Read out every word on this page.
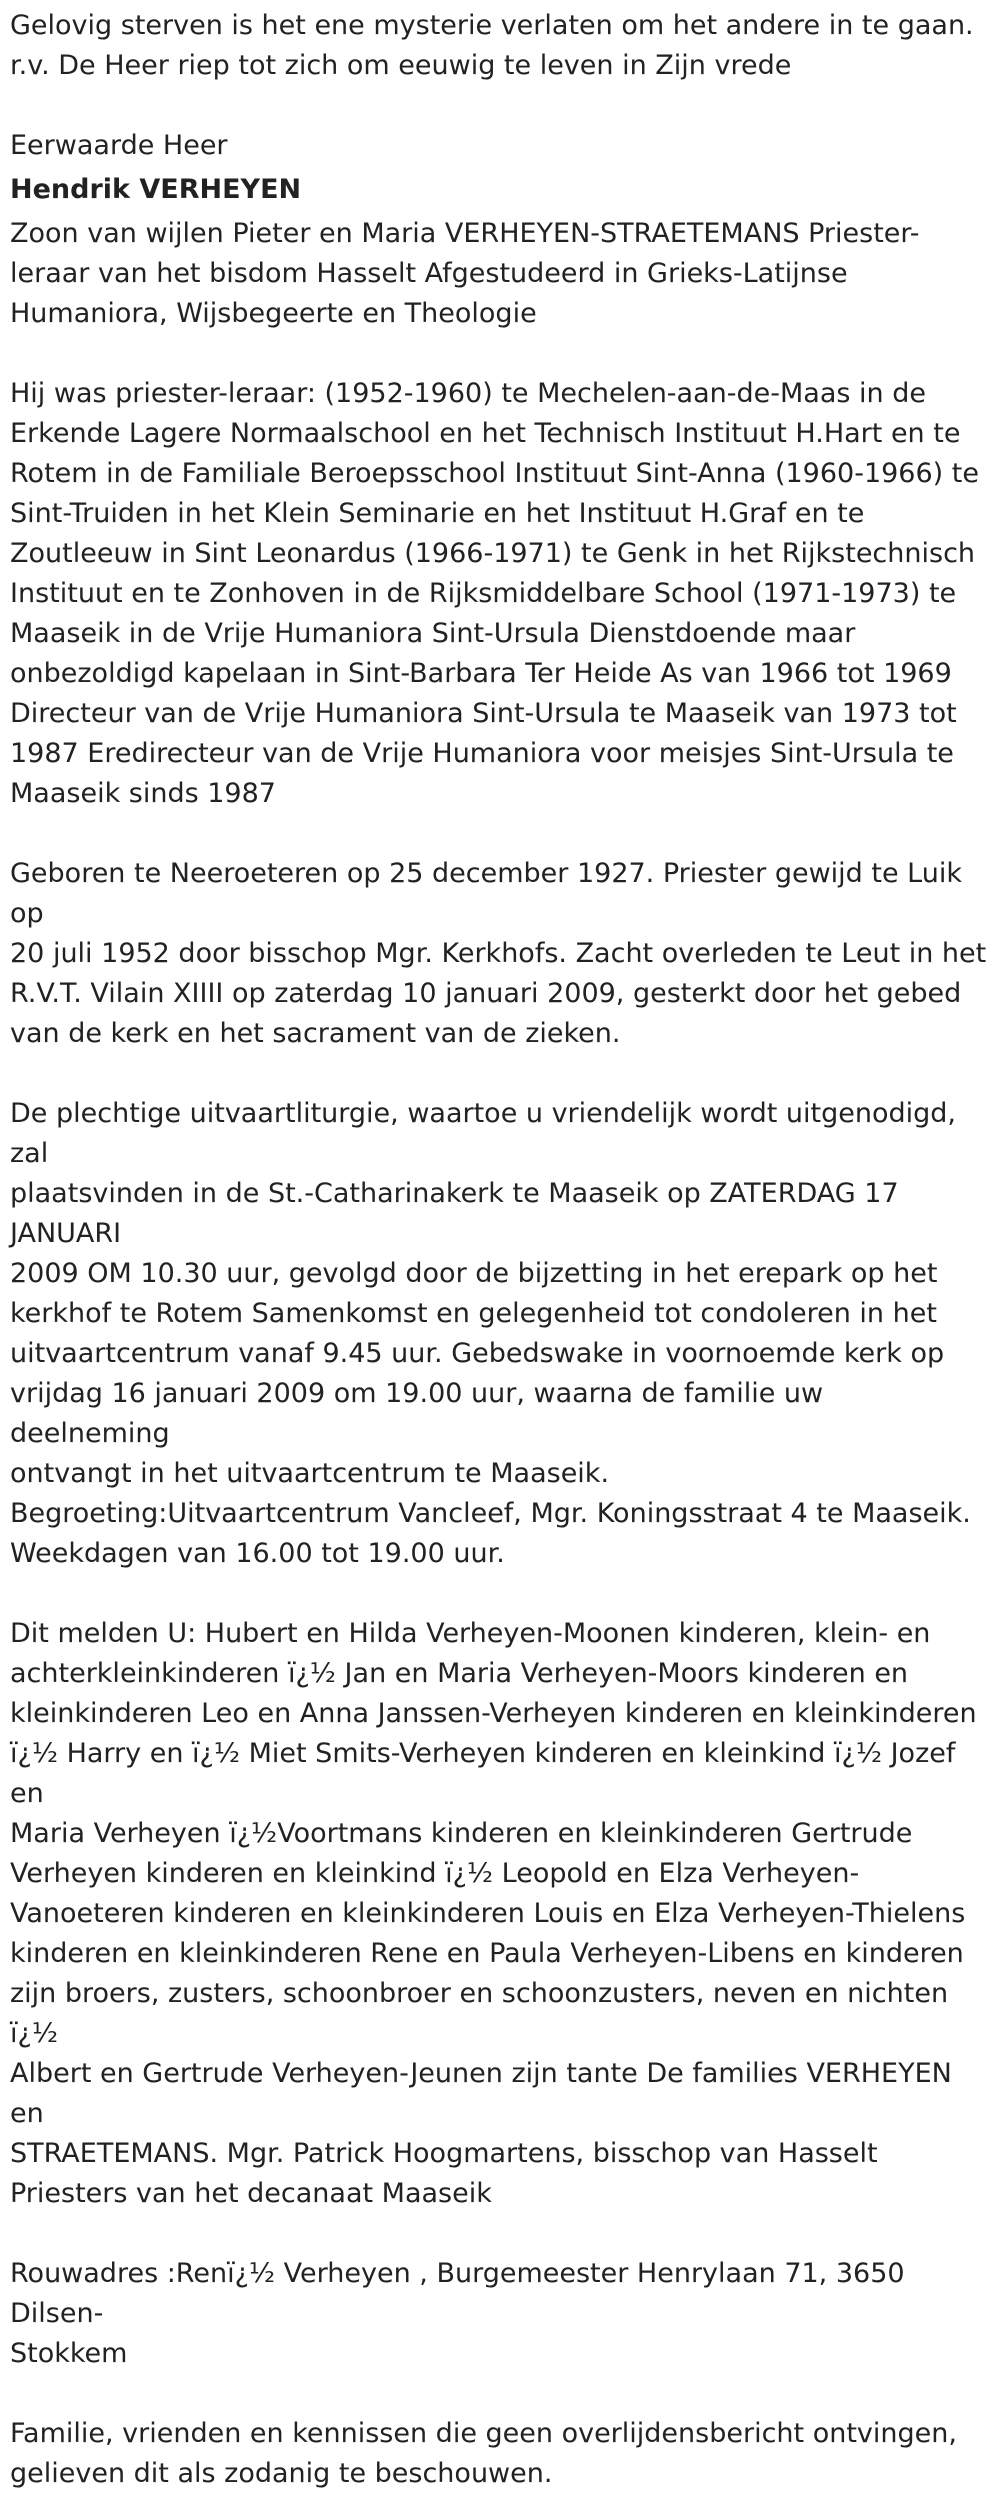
Gelovig sterven is het ene mysterie verlaten om het andere in te gaan.

r.v. De Heer riep tot zich om eeuwig te leven in Zijn vrede

Eerwaarde Heer

Hendrik VERHEYEN

Zoon van wijlen Pieter en Maria VERHEYEN-STRAETEMANS Priester-
leraar van het bisdom Hasselt Afgestudeerd in Grieks-Latijnse
Humaniora, Wijsbegeerte en Theologie

Hij was priester-leraar: (1952-1960) te Mechelen-aan-de-Maas in de
Erkende Lagere Normaalschool en het Technisch Instituut H.Hart en te
Rotem in de Familiale Beroepsschool Instituut Sint-Anna (1960-1966) te
Sint-Truiden in het Klein Seminarie en het Instituut H.Graf en te
Zoutleeuw in Sint Leonardus (1966-1971) te Genk in het Rijkstechnisch
Instituut en te Zonhoven in de Rijksmiddelbare School (1971-1973) te
Maaseik in de Vrije Humaniora Sint-Ursula Dienstdoende maar
onbezoldigd kapelaan in Sint-Barbara Ter Heide As van 1966 tot 1969
Directeur van de Vrije Humaniora Sint-Ursula te Maaseik van 1973 tot
1987 Eredirecteur van de Vrije Humaniora voor meisjes Sint-Ursula te
Maaseik sinds 1987

Geboren te Neeroeteren op 25 december 1927. Priester gewijd te Luik op
20 juli 1952 door bisschop Mgr. Kerkhofs. Zacht overleden te Leut in het
R.V.T. Vilain XIIII op zaterdag 10 januari 2009, gesterkt door het gebed
van de kerk en het sacrament van de zieken.

De plechtige uitvaartliturgie, waartoe u vriendelijk wordt uitgenodigd, zal
plaatsvinden in de St.-Catharinakerk te Maaseik op ZATERDAG 17 JANUARI
2009 OM 10.30 uur, gevolgd door de bijzetting in het erepark op het
kerkhof te Rotem Samenkomst en gelegenheid tot condoleren in het
uitvaartcentrum vanaf 9.45 uur. Gebedswake in voornoemde kerk op
vrijdag 16 januari 2009 om 19.00 uur, waarna de familie uw deelneming
ontvangt in het uitvaartcentrum te Maaseik.
Begroeting:Uitvaartcentrum Vancleef, Mgr. Koningsstraat 4 te Maaseik.
Weekdagen van 16.00 tot 19.00 uur.

Dit melden U: Hubert en Hilda Verheyen-Moonen kinderen, klein- en
achterkleinkinderen ï¿½ Jan en Maria Verheyen-Moors kinderen en
kleinkinderen Leo en Anna Janssen-Verheyen kinderen en kleinkinderen
ï¿½ Harry en ï¿½ Miet Smits-Verheyen kinderen en kleinkind ï¿½ Jozef en
Maria Verheyen ï¿½Voortmans kinderen en kleinkinderen Gertrude
Verheyen kinderen en kleinkind ï¿½ Leopold en Elza Verheyen-
Vanoeteren kinderen en kleinkinderen Louis en Elza Verheyen-Thielens
kinderen en kleinkinderen Rene en Paula Verheyen-Libens en kinderen
zijn broers, zusters, schoonbroer en schoonzusters, neven en nichten ï¿½
Albert en Gertrude Verheyen-Jeunen zijn tante De families VERHEYEN en
STRAETEMANS. Mgr. Patrick Hoogmartens, bisschop van Hasselt
Priesters van het decanaat Maaseik

Rouwadres :Renï¿½ Verheyen , Burgemeester Henrylaan 71, 3650 Dilsen-
Stokkem

Familie, vrienden en kennissen die geen overlijdensbericht ontvingen,
gelieven dit als zodanig te beschouwen.
